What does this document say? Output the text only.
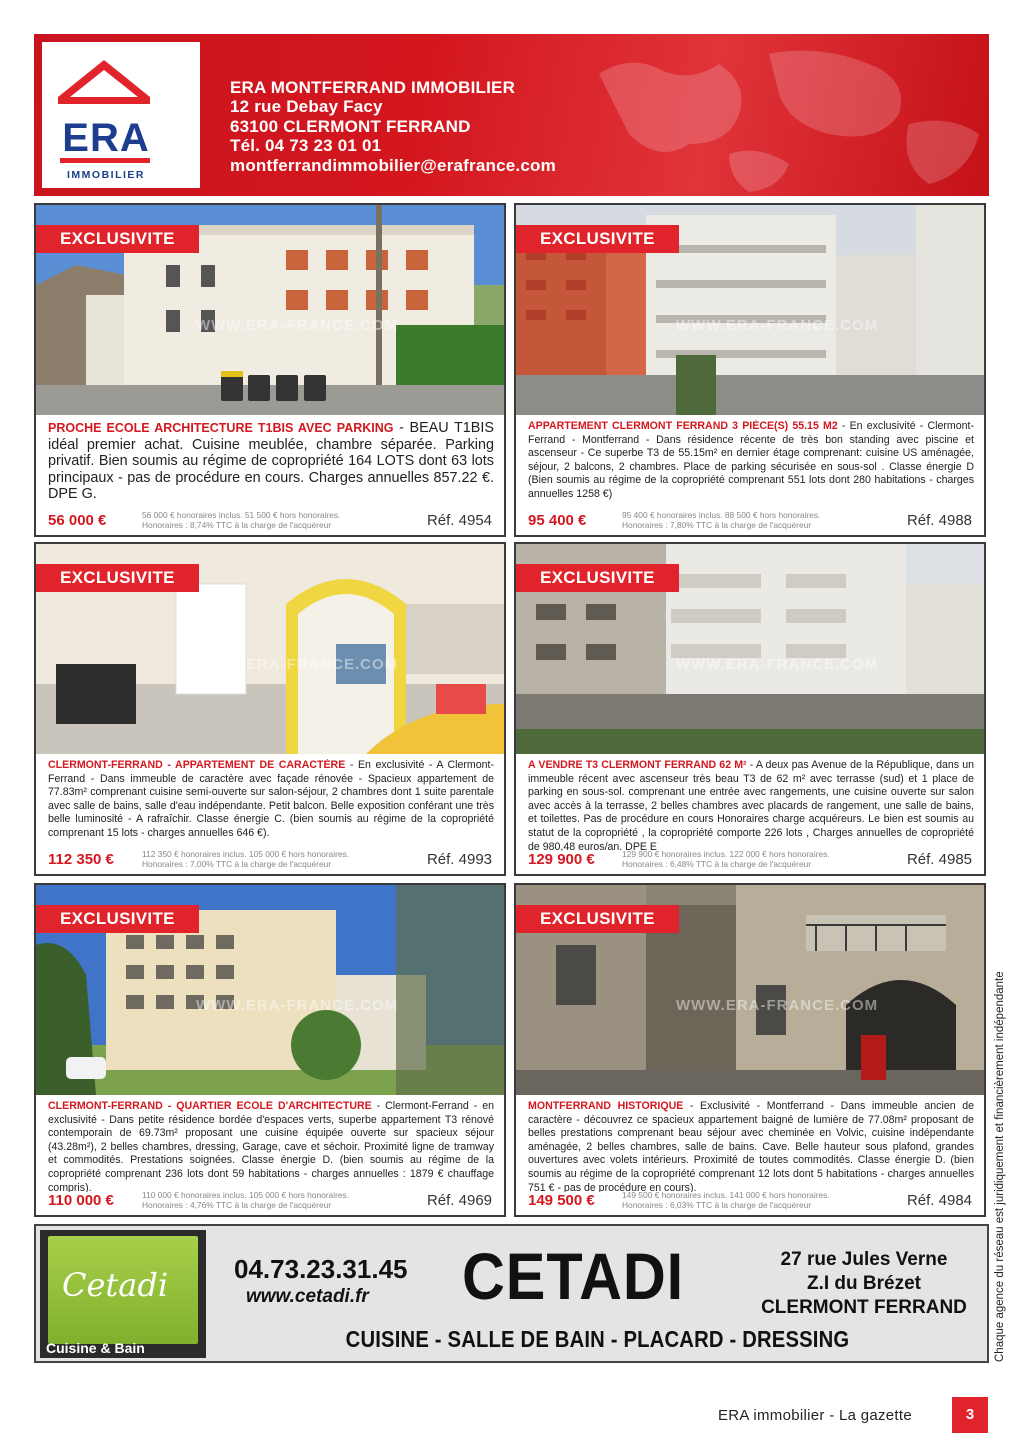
ERA
IMMOBILIER
ERA MONTFERRAND IMMOBILIER
12 rue Debay Facy
63100 CLERMONT FERRAND
Tél. 04 73 23 01 01
montferrandimmobilier@erafrance.com
EXCLUSIVITE
WWW.ERA-FRANCE.COM
PROCHE ECOLE ARCHITECTURE T1BIS AVEC PARKING - BEAU T1BIS idéal premier achat. Cuisine meublée, chambre séparée. Parking privatif. Bien soumis au régime de copropriété 164 LOTS dont 63 lots principaux - pas de procédure en cours. Charges annuelles 857.22 €. DPE G.
56 000 €	56 000 € honoraires inclus. 51 500 € hors honoraires.
Honoraires : 8,74% TTC à la charge de l'acquéreur	Réf. 4954
EXCLUSIVITE
WWW.ERA-FRANCE.COM
APPARTEMENT CLERMONT FERRAND 3 PIÈCE(S) 55.15 M2 - En exclusivité - Clermont-Ferrand - Montferrand - Dans résidence récente de très bon standing avec piscine et ascenseur - Ce superbe T3 de 55.15m² en dernier étage comprenant: cuisine US aménagée, séjour, 2 balcons, 2 chambres. Place de parking sécurisée en sous-sol . Classe énergie D (Bien soumis au régime de la copropriété comprenant 551 lots dont 280 habitations - charges annuelles 1258 €)
95 400 €	95 400 € honoraires inclus. 88 500 € hors honoraires.
Honoraires : 7,80% TTC à la charge de l'acquéreur	Réf. 4988
EXCLUSIVITE
WWW.ERA-FRANCE.COM
CLERMONT-FERRAND - APPARTEMENT DE CARACTÈRE - En exclusivité - A Clermont-Ferrand - Dans immeuble de caractère avec façade rénovée - Spacieux appartement de 77.83m² comprenant cuisine semi-ouverte sur salon-séjour, 2 chambres dont 1 suite parentale avec salle de bains, salle d'eau indépendante. Petit balcon. Belle exposition conférant une très belle luminosité - A rafraîchir. Classe énergie C. (bien soumis au régime de la copropriété comprenant 15 lots - charges annuelles 646 €).
112 350 €	112 350 € honoraires inclus. 105 000 € hors honoraires.
Honoraires : 7,00% TTC à la charge de l'acquéreur	Réf. 4993
EXCLUSIVITE
WWW.ERA-FRANCE.COM
A VENDRE T3 CLERMONT FERRAND 62 M² - A deux pas Avenue de la République, dans un immeuble récent avec ascenseur très beau T3 de 62 m² avec terrasse (sud) et 1 place de parking en sous-sol. comprenant une entrée avec rangements, une cuisine ouverte sur salon avec accès à la terrasse, 2 belles chambres avec placards de rangement, une salle de bains, et toilettes. Pas de procédure en cours Honoraires charge acquéreurs. Le bien est soumis au statut de la copropriété , la copropriété comporte 226 lots , Charges annuelles de copropriété de 980,48 euros/an. DPE E
129 900 €	129 900 € honoraires inclus. 122 000 € hors honoraires.
Honoraires : 6,48% TTC à la charge de l'acquéreur	Réf. 4985
EXCLUSIVITE
WWW.ERA-FRANCE.COM
CLERMONT-FERRAND - QUARTIER ECOLE D'ARCHITECTURE - Clermont-Ferrand - en exclusivité - Dans petite résidence bordée d'espaces verts, superbe appartement T3 rénové contemporain de 69.73m² proposant une cuisine équipée ouverte sur spacieux séjour (43.28m²), 2 belles chambres, dressing, Garage, cave et séchoir. Proximité ligne de tramway et commodités. Prestations soignées. Classe énergie D. (bien soumis au régime de la copropriété comprenant 236 lots dont 59 habitations - charges annuelles : 1879 € chauffage compris).
110 000 €	110 000 € honoraires inclus. 105 000 € hors honoraires.
Honoraires : 4,76% TTC à la charge de l'acquéreur	Réf. 4969
EXCLUSIVITE
WWW.ERA-FRANCE.COM
MONTFERRAND HISTORIQUE - Exclusivité - Montferrand - Dans immeuble ancien de caractère - découvrez ce spacieux appartement baigné de lumière de 77.08m² proposant de belles prestations comprenant beau séjour avec cheminée en Volvic, cuisine indépendante aménagée, 2 belles chambres, salle de bains. Cave. Belle hauteur sous plafond, grandes ouvertures avec volets intérieurs. Proximité de toutes commodités. Classe énergie D. (bien soumis au régime de la copropriété comprenant 12 lots dont 5 habitations - charges annuelles 751 € - pas de procédure en cours).
149 500 €	149 500 € honoraires inclus. 141 000 € hors honoraires.
Honoraires : 6,03% TTC à la charge de l'acquéreur	Réf. 4984
Cetadi
Cuisine & Bain
04.73.23.31.45
www.cetadi.fr CETADI	27 rue Jules Verne
Z.I du Brézet
CLERMONT FERRAND
CUISINE - SALLE DE BAIN - PLACARD - DRESSING	Chaque agence du réseau est juridiquement et financièrement indépendante
ERA immobilier - La gazette	3
